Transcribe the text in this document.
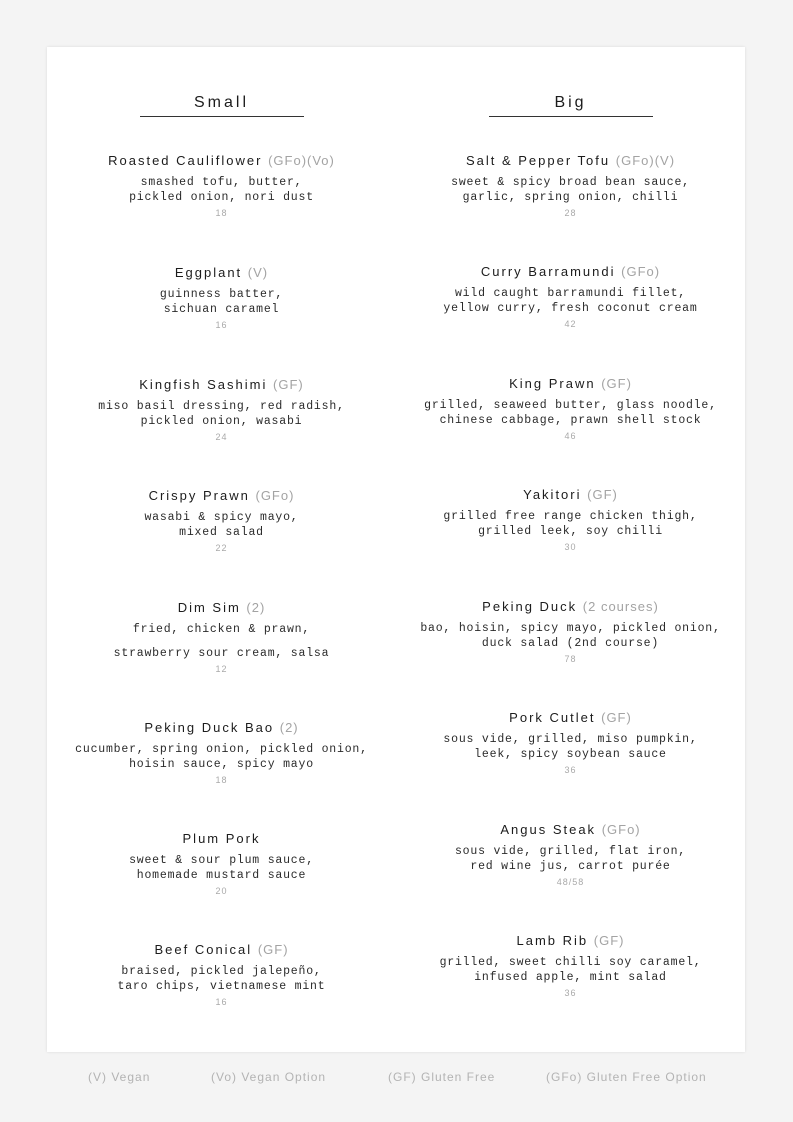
Small
Roasted Cauliflower (GFo)(Vo)
smashed tofu, butter,
pickled onion, nori dust
18
Eggplant (V)
guinness batter,
sichuan caramel
16
Kingfish Sashimi (GF)
miso basil dressing, red radish,
pickled onion, wasabi
24
Crispy Prawn (GFo)
wasabi & spicy mayo,
mixed salad
22
Dim Sim (2)
fried, chicken & prawn,
strawberry sour cream, salsa
12
Peking Duck Bao (2)
cucumber, spring onion, pickled onion,
hoisin sauce, spicy mayo
18
Plum Pork
sweet & sour plum sauce,
homemade mustard sauce
20
Beef Conical (GF)
braised, pickled jalepeño,
taro chips, vietnamese mint
16
Big
Salt & Pepper Tofu (GFo)(V)
sweet & spicy broad bean sauce,
garlic, spring onion, chilli
28
Curry Barramundi (GFo)
wild caught barramundi fillet,
yellow curry, fresh coconut cream
42
King Prawn (GF)
grilled, seaweed butter, glass noodle,
chinese cabbage, prawn shell stock
46
Yakitori (GF)
grilled free range chicken thigh,
grilled leek, soy chilli
30
Peking Duck (2 courses)
bao, hoisin, spicy mayo, pickled onion,
duck salad (2nd course)
78
Pork Cutlet (GF)
sous vide, grilled, miso pumpkin,
leek, spicy soybean sauce
36
Angus Steak (GFo)
sous vide, grilled, flat iron,
red wine jus, carrot purée
48/58
Lamb Rib (GF)
grilled, sweet chilli soy caramel,
infused apple, mint salad
36
(V) Vegan	(Vo) Vegan Option	(GF) Gluten Free	(GFo) Gluten Free Option
